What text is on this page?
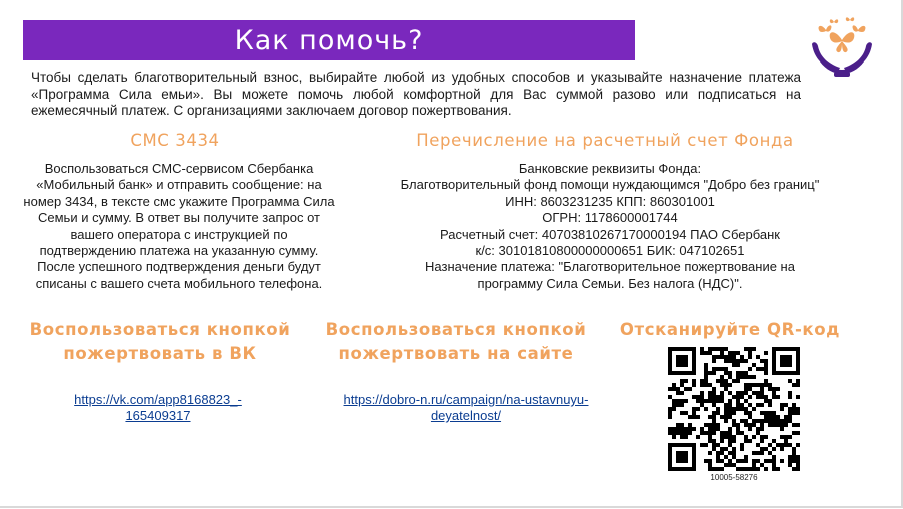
Как помочь?
Чтобы сделать благотворительный взнос, выбирайте любой из удобных способов и указывайте назначение платежа «Программа Сила емьи». Вы можете помочь любой комфортной для Вас суммой разово или подписаться на ежемесячный платеж. С организациями заключаем договор пожертвования.
СМС 3434
Воспользоваться СМС-сервисом Сбербанка «Мобильный банк» и отправить сообщение: на номер 3434, в тексте смс укажите Программа Сила Семьи и сумму. В ответ вы получите запрос от вашего оператора с инструкцией по подтверждению платежа на указанную сумму. После успешного подтверждения деньги будут списаны с вашего счета мобильного телефона.
Перечисление на расчетный счет Фонда
Банковские реквизиты Фонда:
Благотворительный фонд помощи нуждающимся "Добро без границ"
ИНН: 8603231235 КПП: 860301001
ОГРН: 1178600001744
Расчетный счет: 40703810267170000194 ПАО Сбербанк
к/с: 30101810800000000651 БИК: 047102651
Назначение платежа: "Благотворительное пожертвование на
программу Сила Семьи. Без налога (НДС)".
Воспользоваться кнопкой
пожертвовать в ВК
https://vk.com/app8168823_-
165409317
Воспользоваться кнопкой
пожертвовать на сайте
https://dobro-n.ru/campaign/na-ustavnuyu-
deyatelnost/
Отсканируйте QR-код
10005-58276
